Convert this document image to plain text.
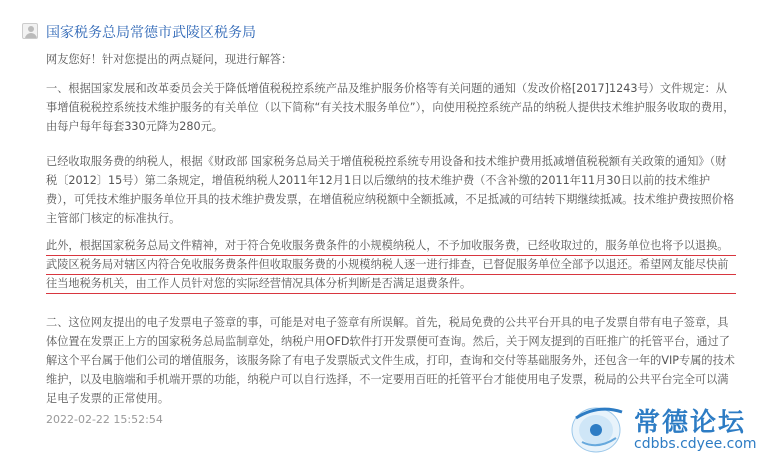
国家税务总局常德市武陵区税务局
网友您好！针对您提出的两点疑问，现进行解答：
一、根据国家发展和改革委员会关于降低增值税税控系统产品及维护服务价格等有关问题的通知（发改价格[2017]1243号）文件规定：从事增值税税控系统技术维护服务的有关单位（以下简称“有关技术服务单位”），向使用税控系统产品的纳税人提供技术维护服务收取的费用，由每户每年每套330元降为280元。
已经收取服务费的纳税人，根据《财政部 国家税务总局关于增值税税控系统专用设备和技术维护费用抵减增值税税额有关政策的通知》（财税〔2012〕15号）第二条规定，增值税纳税人2011年12月1日以后缴纳的技术维护费（不含补缴的2011年11月30日以前的技术维护费），可凭技术维护服务单位开具的技术维护费发票，在增值税应纳税额中全额抵减，不足抵减的可结转下期继续抵减。技术维护费按照价格主管部门核定的标准执行。
此外，根据国家税务总局文件精神，对于符合免收服务费条件的小规模纳税人，不予加收服务费，已经收取过的，服务单位也将予以退换。武陵区税务局对辖区内符合免收服务费条件但收取服务费的小规模纳税人逐一进行排查，已督促服务单位全部予以退还。希望网友能尽快前往当地税务机关，由工作人员针对您的实际经营情况具体分析判断是否满足退费条件。
二、这位网友提出的电子发票电子签章的事，可能是对电子签章有所误解。首先，税局免费的公共平台开具的电子发票自带有电子签章，具体位置在发票正上方的国家税务总局监制章处，纳税户用OFD软件打开发票便可查询。然后，关于网友提到的百旺推广的托管平台，通过了解这个平台属于他们公司的增值服务，该服务除了有电子发票版式文件生成，打印，查询和交付等基础服务外，还包含一年的VIP专属的技术维护，以及电脑端和手机端开票的功能，纳税户可以自行选择，不一定要用百旺的托管平台才能使用电子发票，税局的公共平台完全可以满足电子发票的正常使用。
2022-02-22 15:52:54	常德论坛
cdbbs.cdyee.com
